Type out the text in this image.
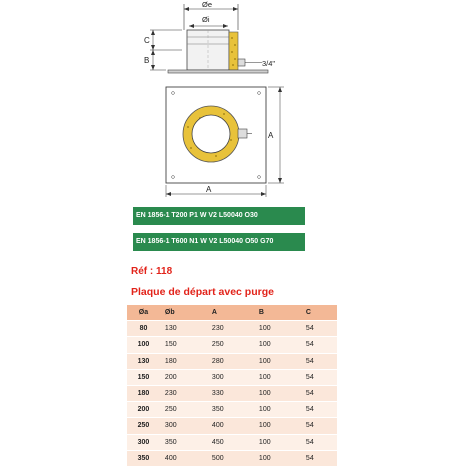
Øe
Øi
3/4"
C
B
A
A
EN 1856-1 T200 P1 W V2 L50040 O30
EN 1856-1 T600 N1 W V2 L50040 O50 G70
Réf : 118
Plaque de départ avec purge
Øa	Øb	A	B	C
80	130	230	100	54
100	150	250	100	54
130	180	280	100	54
150	200	300	100	54
180	230	330	100	54
200	250	350	100	54
250	300	400	100	54
300	350	450	100	54
350	400	500	100	54
